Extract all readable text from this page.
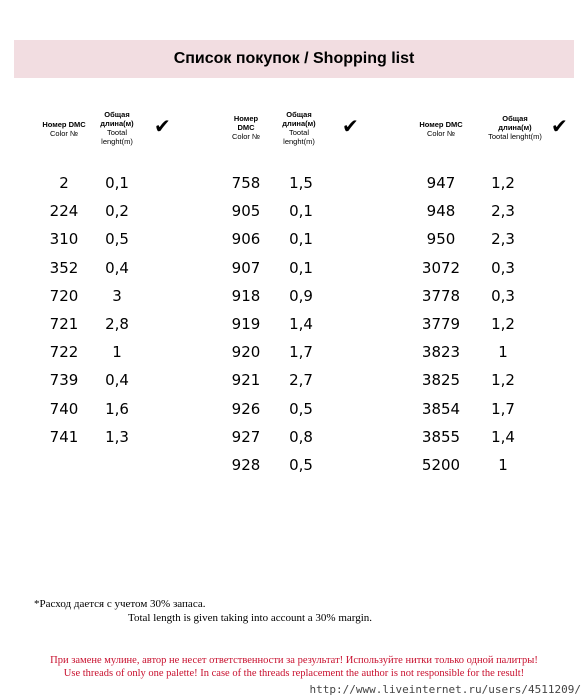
Список покупок / Shopping list
Номер DMC
Color №
Общая
длина(м)
Tootal
lenght(m)
✔
2	0,1
224	0,2
310	0,5
352	0,4
720	3
721	2,8
722	1
739	0,4
740	1,6
741	1,3
Номер
DMC
Color №
Общая
длина(м)
Tootal
lenght(m)
✔
758	1,5
905	0,1
906	0,1
907	0,1
918	0,9
919	1,4
920	1,7
921	2,7
926	0,5
927	0,8
928	0,5
Номер DMC
Color №
Общая
длина(м)
Tootal lenght(m) ✔
947	1,2
948	2,3
950	2,3
3072	0,3
3778	0,3
3779	1,2
3823	1
3825	1,2
3854	1,7
3855	1,4
5200	1
*Расход дается с учетом 30% запаса.
Total length is given taking into account a 30% margin.
При замене мулине, автор не несет ответственности за результат! Используйте нитки только одной палитры!
Use threads of only one palette! In case of the threads replacement the author is not responsible for the result!
http://www.liveinternet.ru/users/4511209/
